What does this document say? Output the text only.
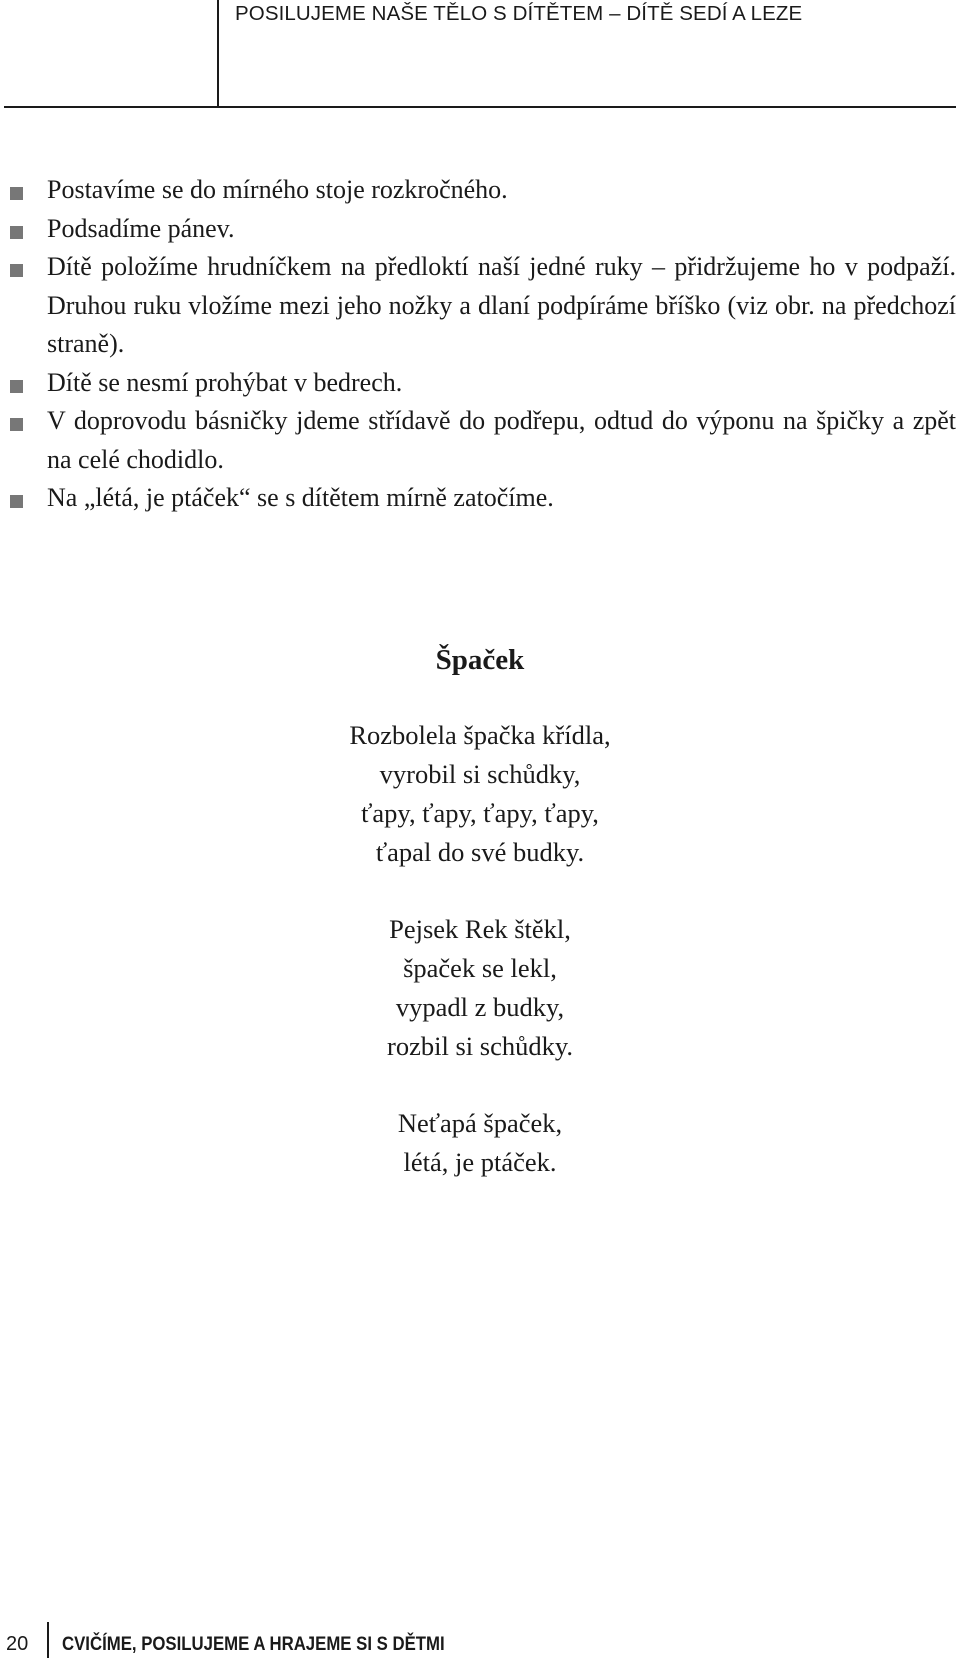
POSILUJEME NAŠE TĚLO S DÍTĚTEM – DÍTĚ SEDÍ A LEZE
Postavíme se do mírného stoje rozkročného.
Podsadíme pánev.
Dítě položíme hrudníčkem na předloktí naší jedné ruky – přidržujeme ho v podpaží. Druhou ruku vložíme mezi jeho nožky a dlaní podpíráme bříško (viz obr. na předchozí straně).
Dítě se nesmí prohýbat v bedrech.
V doprovodu básničky jdeme střídavě do podřepu, odtud do výponu na špičky a zpět na celé chodidlo.
Na „létá, je ptáček“ se s dítětem mírně zatočíme.
Špaček
Rozbolela špačka křídla,
vyrobil si schůdky,
ťapy, ťapy, ťapy, ťapy,
ťapal do své budky.
Pejsek Rek štěkl,
špaček se lekl,
vypadl z budky,
rozbil si schůdky.
Neťapá špaček,
létá, je ptáček.
20 CVIČÍME, POSILUJEME A HRAJEME SI S DĚTMI
